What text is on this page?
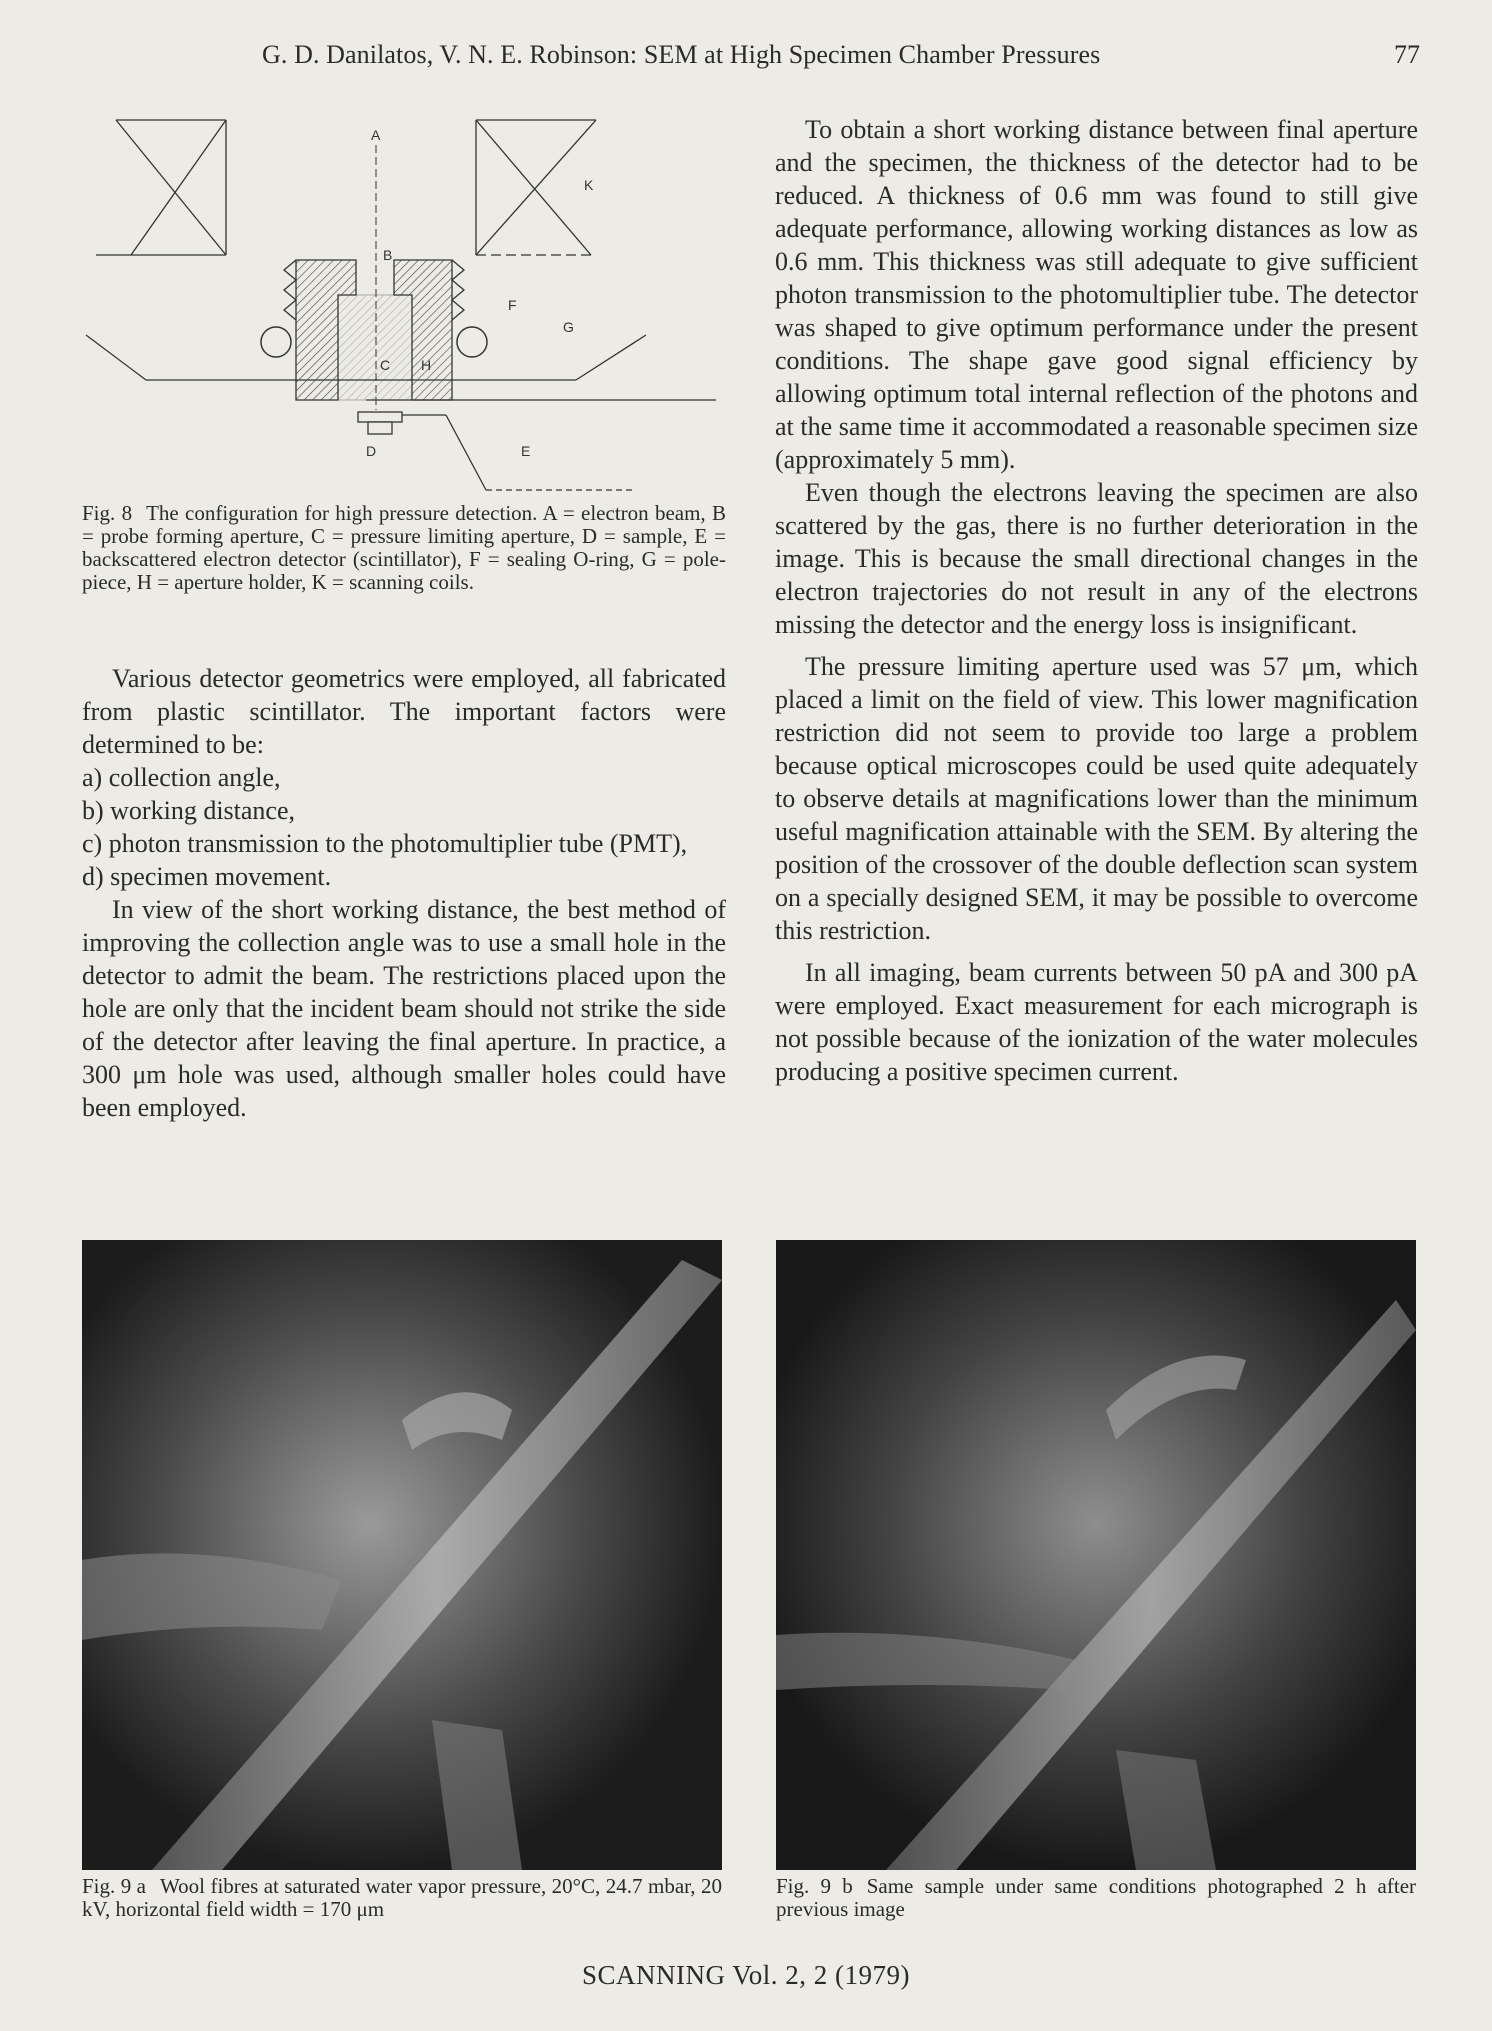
G. D. Danilatos, V. N. E. Robinson: SEM at High Specimen Chamber Pressures	77
A
B
C
D	E
F
G
H
K
Fig. 8 The configuration for high pressure detection. A = electron beam, B = probe forming aperture, C = pressure limiting aperture, D = sample, E = backscattered electron detector (scintillator), F = sealing O-ring, G = pole-piece, H = aperture holder, K = scanning coils.

Various detector geometrics were employed, all fabricated from plastic scintillator. The important factors were determined to be:

a) collection angle,
b) working distance,
c) photon transmission to the photomultiplier tube (PMT),
d) specimen movement.

In view of the short working distance, the best method of improving the collection angle was to use a small hole in the detector to admit the beam. The restrictions placed upon the hole are only that the incident beam should not strike the side of the detector after leaving the final aperture. In practice, a 300 μm hole was used, although smaller holes could have been employed.

To obtain a short working distance between final aperture and the specimen, the thickness of the detector had to be reduced. A thickness of 0.6 mm was found to still give adequate performance, allowing working distances as low as 0.6 mm. This thickness was still adequate to give sufficient photon transmission to the photomultiplier tube. The detector was shaped to give optimum performance under the present conditions. The shape gave good signal efficiency by allowing optimum total internal reflection of the photons and at the same time it accommodated a reasonable specimen size (approximately 5 mm).

Even though the electrons leaving the specimen are also scattered by the gas, there is no further deterioration in the image. This is because the small directional changes in the electron trajectories do not result in any of the electrons missing the detector and the energy loss is insignificant.

The pressure limiting aperture used was 57 μm, which placed a limit on the field of view. This lower magnification restriction did not seem to provide too large a problem because optical microscopes could be used quite adequately to observe details at magnifications lower than the minimum useful magnification attainable with the SEM. By altering the position of the crossover of the double deflection scan system on a specially designed SEM, it may be possible to overcome this restriction.

In all imaging, beam currents between 50 pA and 300 pA were employed. Exact measurement for each micrograph is not possible because of the ionization of the water molecules producing a positive specimen current.

Fig. 9 a Wool fibres at saturated water vapor pressure, 20°C, 24.7 mbar, 20 kV, horizontal field width = 170 μm
Fig. 9 b Same sample under same conditions photographed 2 h after previous image
SCANNING Vol. 2, 2 (1979)
